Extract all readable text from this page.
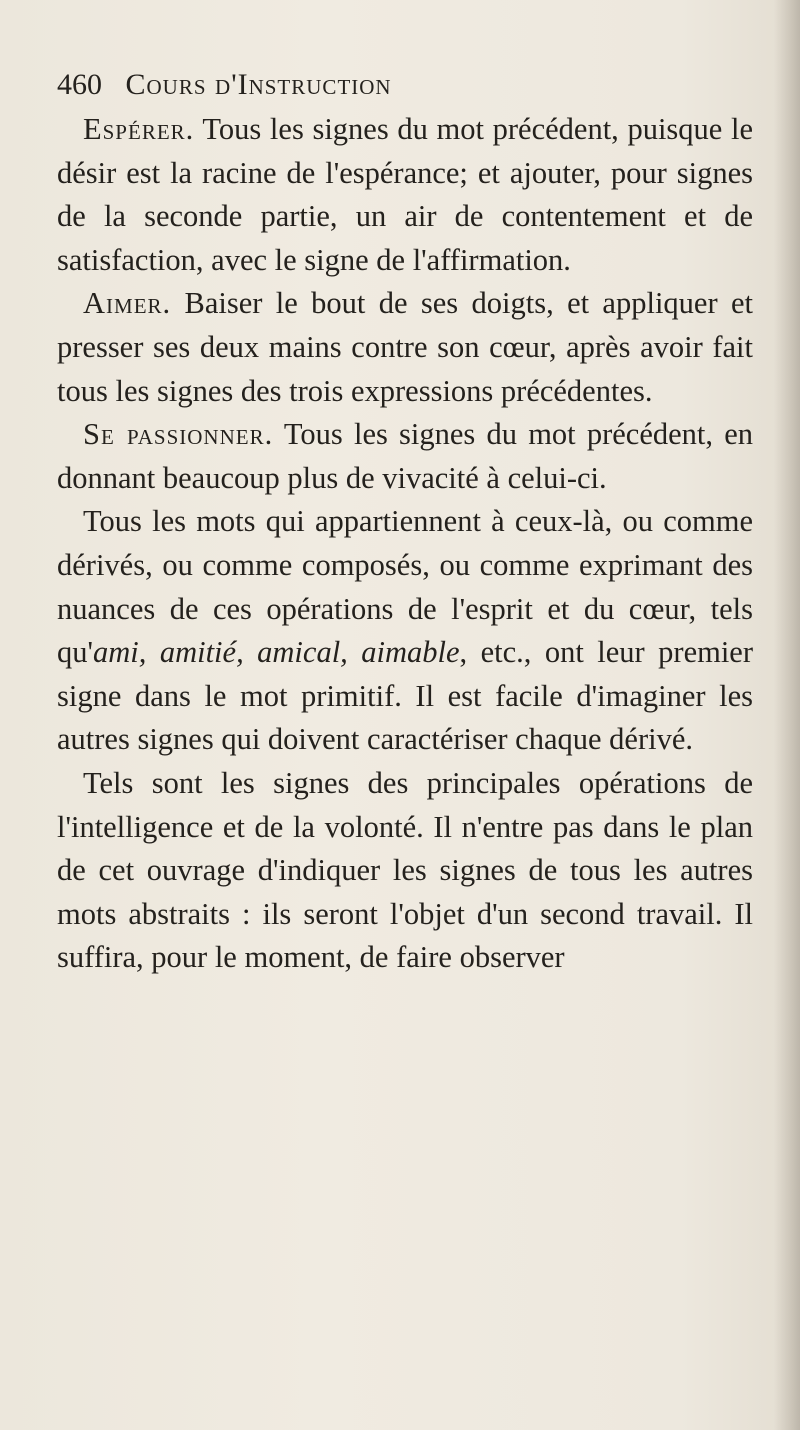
460 Cours d'Instruction

Espérer. Tous les signes du mot précédent, puisque le désir est la racine de l'espérance; et ajouter, pour signes de la seconde partie, un air de contentement et de satisfaction, avec le signe de l'affirmation.

Aimer. Baiser le bout de ses doigts, et appliquer et presser ses deux mains contre son cœur, après avoir fait tous les signes des trois expressions précédentes.

Se passionner. Tous les signes du mot précédent, en donnant beaucoup plus de vivacité à celui-ci.

Tous les mots qui appartiennent à ceux-là, ou comme dérivés, ou comme composés, ou comme exprimant des nuances de ces opérations de l'esprit et du cœur, tels qu'ami, amitié, amical, aimable, etc., ont leur premier signe dans le mot primitif. Il est facile d'imaginer les autres signes qui doivent caractériser chaque dérivé.

Tels sont les signes des principales opérations de l'intelligence et de la volonté. Il n'entre pas dans le plan de cet ouvrage d'indiquer les signes de tous les autres mots abstraits : ils seront l'objet d'un second travail. Il suffira, pour le moment, de faire observer
